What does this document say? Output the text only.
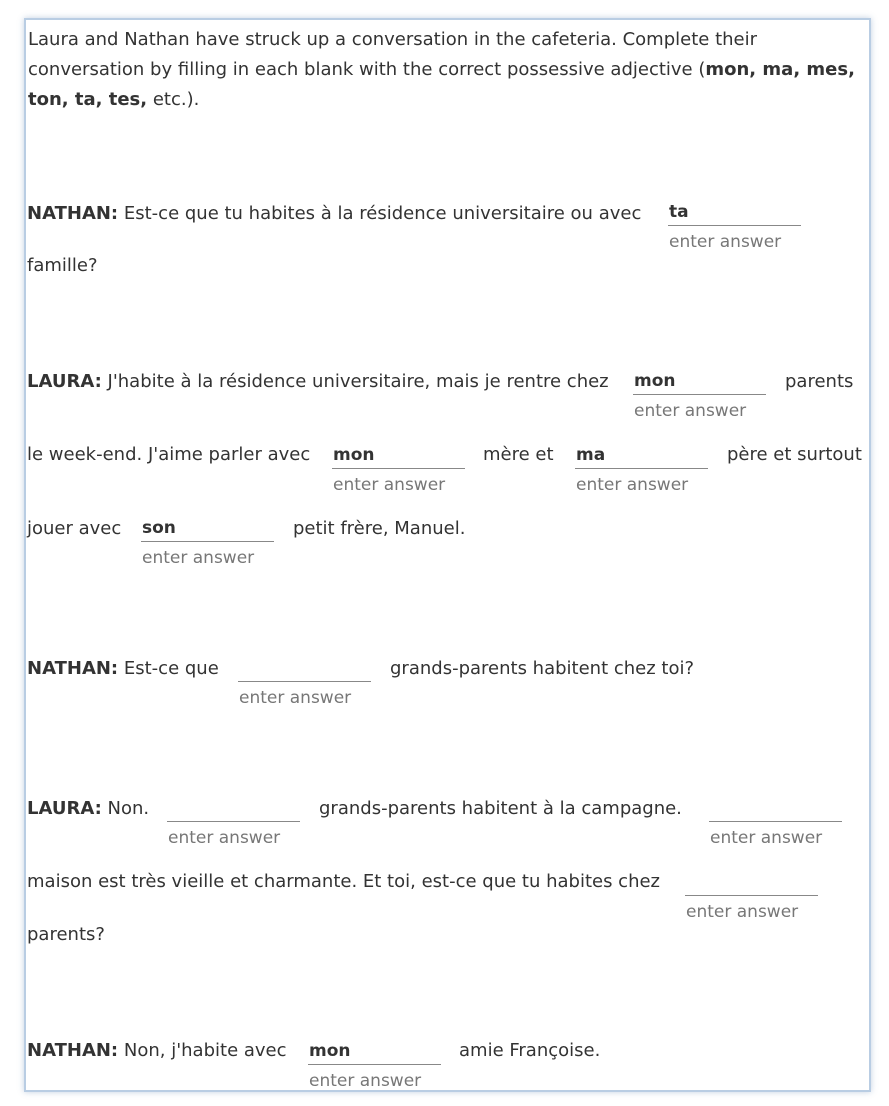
Laura and Nathan have struck up a conversation in the cafeteria. Complete their conversation by filling in each blank with the correct possessive adjective (mon, ma, mes, ton, ta, tes, etc.).
NATHAN: Est-ce que tu habites à la résidence universitaire ou avec
ta
enter answer
famille?
LAURA: J'habite à la résidence universitaire, mais je rentre chez
mon
enter answer
parents
le week-end. J'aime parler avec
mon
enter answer
mère et
ma
enter answer
père et surtout
jouer avec
son
enter answer
petit frère, Manuel.
NATHAN: Est-ce que
enter answer
grands-parents habitent chez toi?
LAURA: Non.
enter answer
grands-parents habitent à la campagne.
enter answer
maison est très vieille et charmante. Et toi, est-ce que tu habites chez
enter answer
parents?
NATHAN: Non, j'habite avec
mon
enter answer
amie Françoise.
